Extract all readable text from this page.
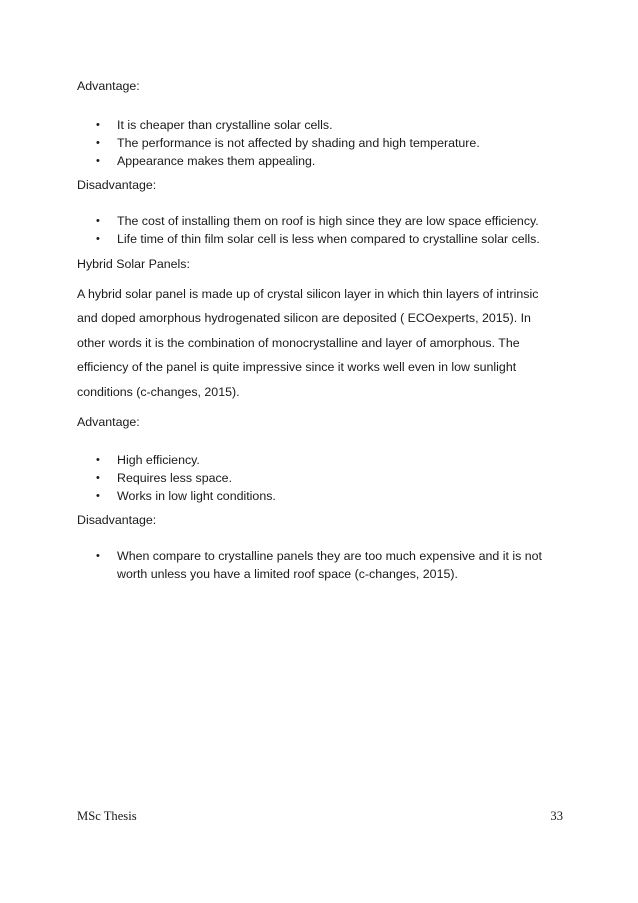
Advantage:

• It is cheaper than crystalline solar cells.
• The performance is not affected by shading and high temperature.
• Appearance makes them appealing.

Disadvantage:

• The cost of installing them on roof is high since they are low space efficiency.
• Life time of thin film solar cell is less when compared to crystalline solar cells.

Hybrid Solar Panels:

A hybrid solar panel is made up of crystal silicon layer in which thin layers of intrinsic
and doped amorphous hydrogenated silicon are deposited ( ECOexperts, 2015). In
other words it is the combination of monocrystalline and layer of amorphous. The
efficiency of the panel is quite impressive since it works well even in low sunlight
conditions (c-changes, 2015).

Advantage:

• High efficiency.
• Requires less space.
• Works in low light conditions.

Disadvantage:

• When compare to crystalline panels they are too much expensive and it is not
worth unless you have a limited roof space (c-changes, 2015).
MSc Thesis	33
